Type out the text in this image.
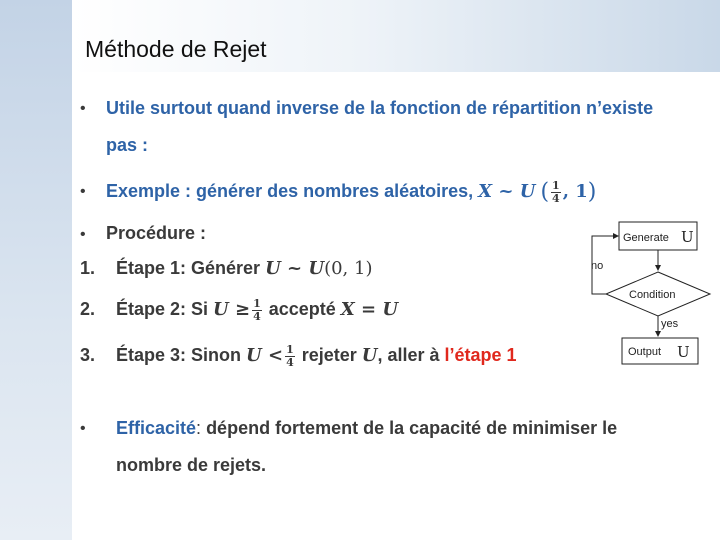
Méthode de Rejet
• Utile surtout quand inverse de la fonction de répartition n’existe
pas :
• Exemple : générer des nombres aléatoires, X ~ U ( $\frac{1}{4}$ , 1)
• Procédure :
1. Étape 1: Générer U ~ U(0, 1)
2. Étape 2: Si $U \ge \frac{1}{4}$ accepté X = U
3. Étape 3: Sinon $U < \frac{1}{4}$ rejeter U, aller à l’étape 1
• Efficacité: dépend fortement de la capacité de minimiser le
nombre de rejets.
Generate U
Condition
no
yes
Output U
